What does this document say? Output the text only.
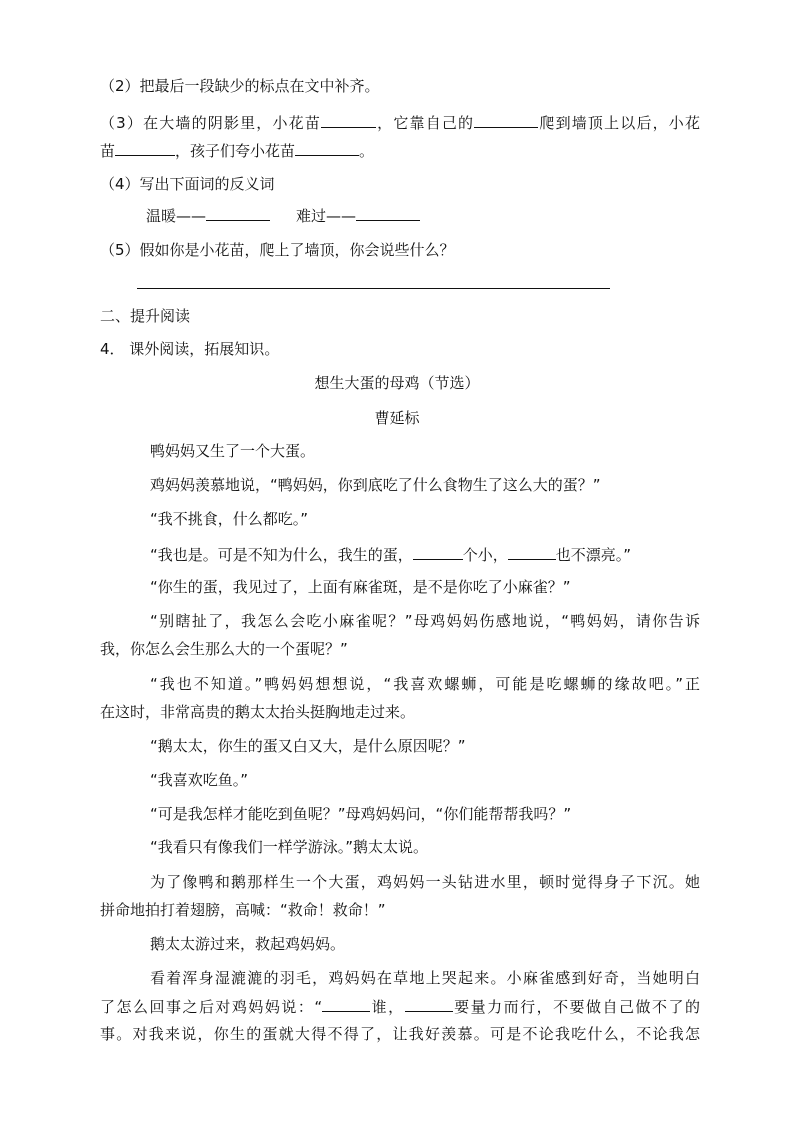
（2）把最后一段缺少的标点在文中补齐。
（3）在大墙的阴影里，小花苗	，它靠自己的	爬到墙顶上以后，小花
苗	，孩子们夸小花苗	。
（4）写出下面词的反义词
温暖——	难过——
（5）假如你是小花苗，爬上了墙顶，你会说些什么？
二、提升阅读
4． 课外阅读，拓展知识。
想生大蛋的母鸡（节选）
曹延标
鸭妈妈又生了一个大蛋。
鸡妈妈羡慕地说，“鸭妈妈，你到底吃了什么食物生了这么大的蛋？”
“我不挑食，什么都吃。”
“我也是。可是不知为什么，我生的蛋，	个小，	也不漂亮。”
“你生的蛋，我见过了，上面有麻雀斑，是不是你吃了小麻雀？”
“别瞎扯了，我怎么会吃小麻雀呢？”母鸡妈妈伤感地说，“鸭妈妈，请你告诉
我，你怎么会生那么大的一个蛋呢？”
“我也不知道。”鸭妈妈想想说，“我喜欢螺蛳，可能是吃螺蛳的缘故吧。”正
在这时，非常高贵的鹅太太抬头挺胸地走过来。
“鹅太太，你生的蛋又白又大，是什么原因呢？”
“我喜欢吃鱼。”
“可是我怎样才能吃到鱼呢？”母鸡妈妈问，“你们能帮帮我吗？”
“我看只有像我们一样学游泳。”鹅太太说。
为了像鸭和鹅那样生一个大蛋，鸡妈妈一头钻进水里，顿时觉得身子下沉。她
拼命地拍打着翅膀，高喊：“救命！救命！”
鹅太太游过来，救起鸡妈妈。
看着浑身湿漉漉的羽毛，鸡妈妈在草地上哭起来。小麻雀感到好奇，当她明白
了怎么回事之后对鸡妈妈说：“	谁，	要量力而行，不要做自己做不了的
事。对我来说，你生的蛋就大得不得了，让我好羡慕。可是不论我吃什么，不论我怎
